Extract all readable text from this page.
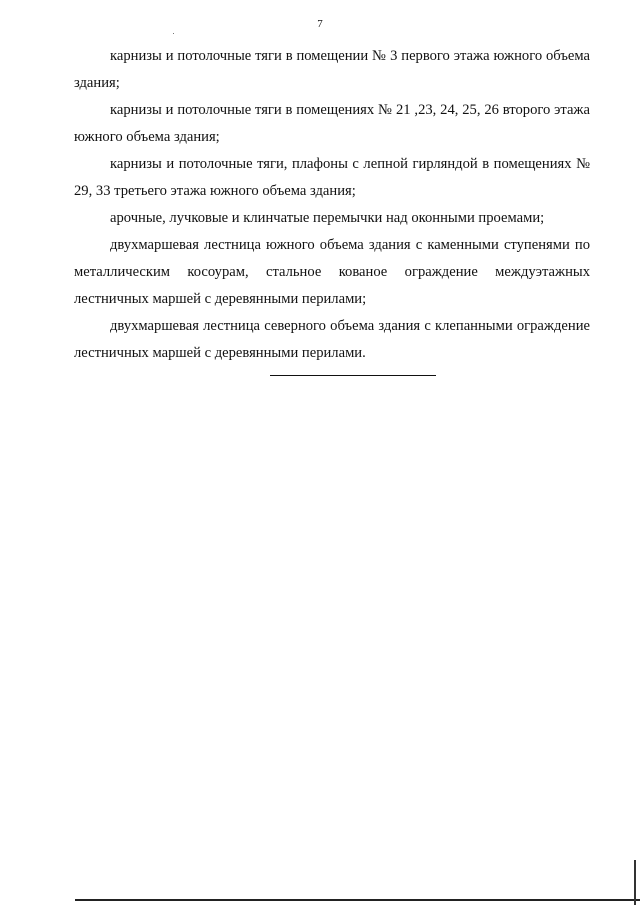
7

карнизы и потолочные тяги в помещении № 3 первого этажа южного объема здания;

карнизы и потолочные тяги в помещениях № 21 ,23, 24, 25, 26 второго этажа южного объема здания;

карнизы и потолочные тяги, плафоны с лепной гирляндой в помещениях № 29, 33 третьего этажа южного объема здания;

арочные, лучковые и клинчатые перемычки над оконными проемами;

двухмаршевая лестница южного объема здания с каменными ступенями по металлическим косоурам, стальное кованое ограждение междуэтажных лестничных маршей с деревянными перилами;

двухмаршевая лестница северного объема здания с клепанными ограждение лестничных маршей с деревянными перилами.
